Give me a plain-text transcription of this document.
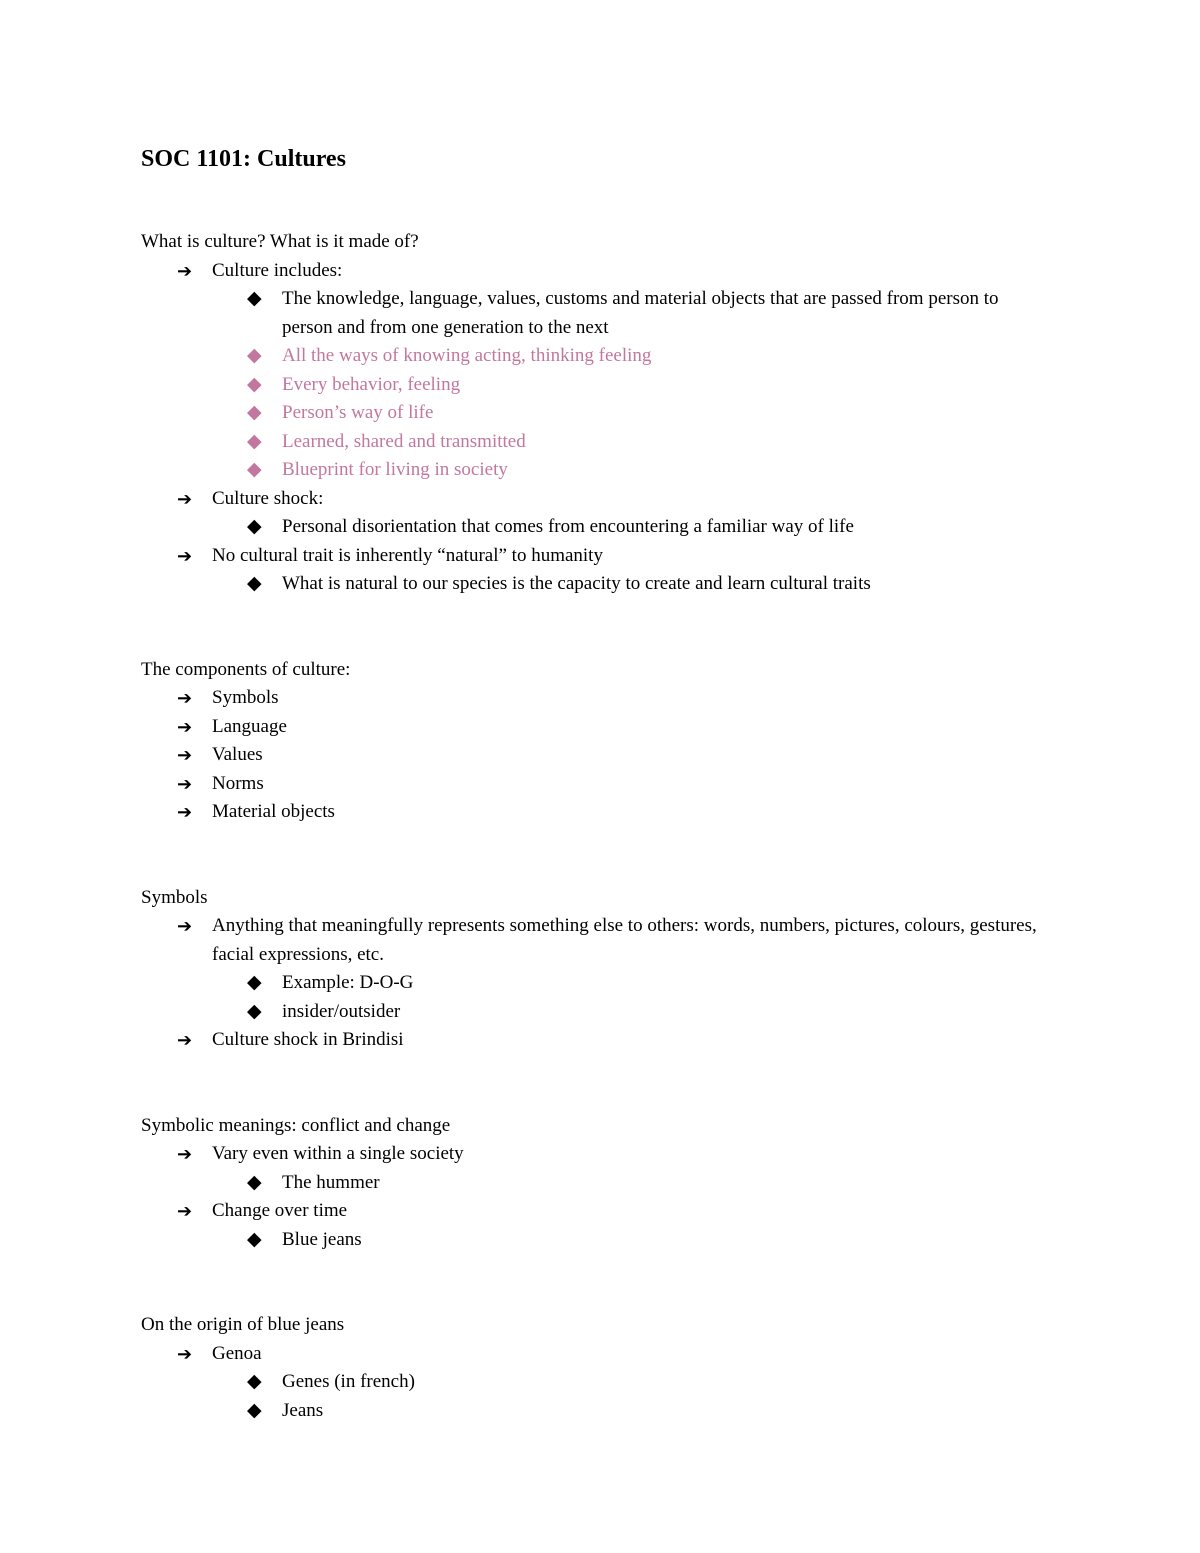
SOC 1101: Cultures
What is culture? What is it made of?
➔ Culture includes:
◆ The knowledge, language, values, customs and material objects that are passed from person to person and from one generation to the next
◆ All the ways of knowing acting, thinking feeling
◆ Every behavior, feeling
◆ Person’s way of life
◆ Learned, shared and transmitted
◆ Blueprint for living in society
➔ Culture shock:
◆ Personal disorientation that comes from encountering a familiar way of life
➔ No cultural trait is inherently “natural” to humanity
◆ What is natural to our species is the capacity to create and learn cultural traits
The components of culture:
➔ Symbols
➔ Language
➔ Values
➔ Norms
➔ Material objects
Symbols
➔ Anything that meaningfully represents something else to others: words, numbers, pictures, colours, gestures, facial expressions, etc.
◆ Example: D-O-G
◆ insider/outsider
➔ Culture shock in Brindisi
Symbolic meanings: conflict and change
➔ Vary even within a single society
◆ The hummer
➔ Change over time
◆ Blue jeans
On the origin of blue jeans
➔ Genoa
◆ Genes (in french)
◆ Jeans
